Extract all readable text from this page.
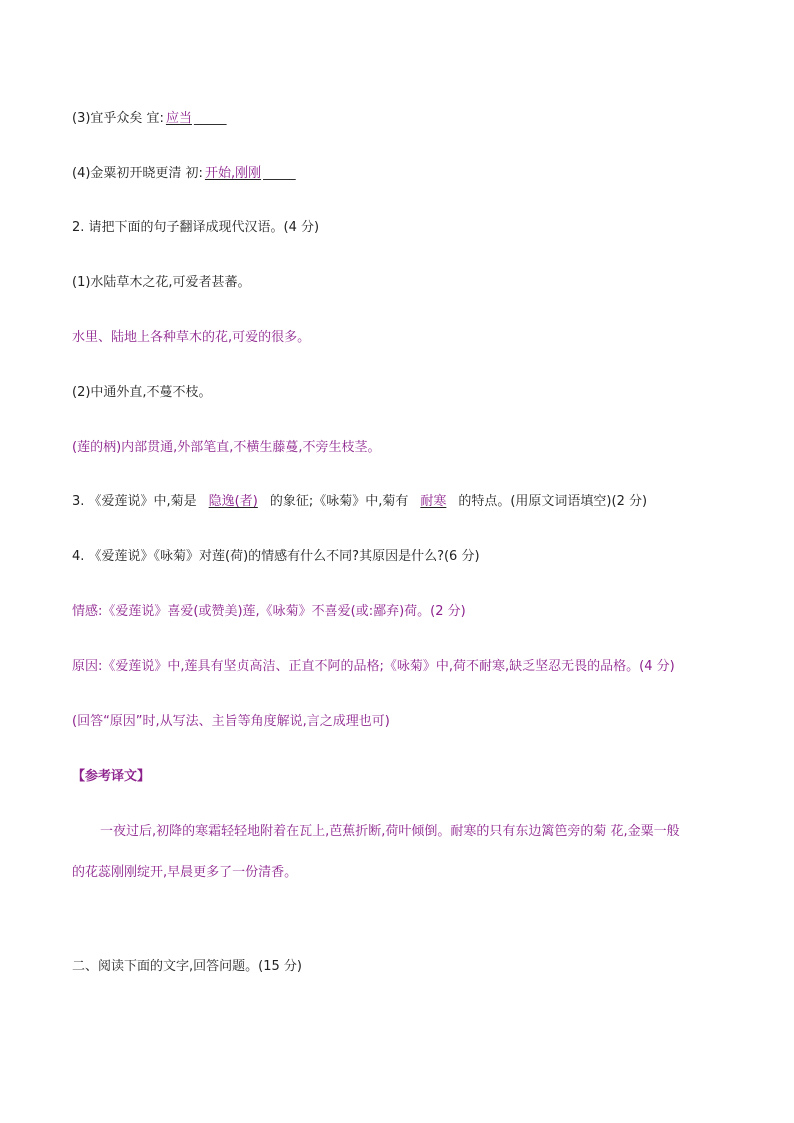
(3)宜乎众矣 宜: 应当 _____
(4)金粟初开晓更清 初: 开始,刚刚 _____
2. 请把下面的句子翻译成现代汉语。(4 分)
(1)水陆草木之花,可爱者甚蕃。
水里、陆地上各种草木的花,可爱的很多。
(2)中通外直,不蔓不枝。
(莲的柄)内部贯通,外部笔直,不横生藤蔓,不旁生枝茎。
3. 《爱莲说》中,菊是 隐逸(者) 的象征;《咏菊》中,菊有 耐寒 的特点。(用原文词语填空)(2 分)
4. 《爱莲说》《咏菊》对莲(荷)的情感有什么不同?其原因是什么?(6 分)
情感:《爱莲说》喜爱(或赞美)莲,《咏菊》不喜爱(或:鄙弃)荷。(2 分)
原因:《爱莲说》中,莲具有坚贞高洁、正直不阿的品格;《咏菊》中,荷不耐寒,缺乏坚忍无畏的品格。(4 分)
(回答“原因”时,从写法、主旨等角度解说,言之成理也可)
【参考译文】
一夜过后,初降的寒霜轻轻地附着在瓦上,芭蕉折断,荷叶倾倒。耐寒的只有东边篱笆旁的菊 花,金粟一般
的花蕊刚刚绽开,早晨更多了一份清香。
二、阅读下面的文字,回答问题。(15 分)
